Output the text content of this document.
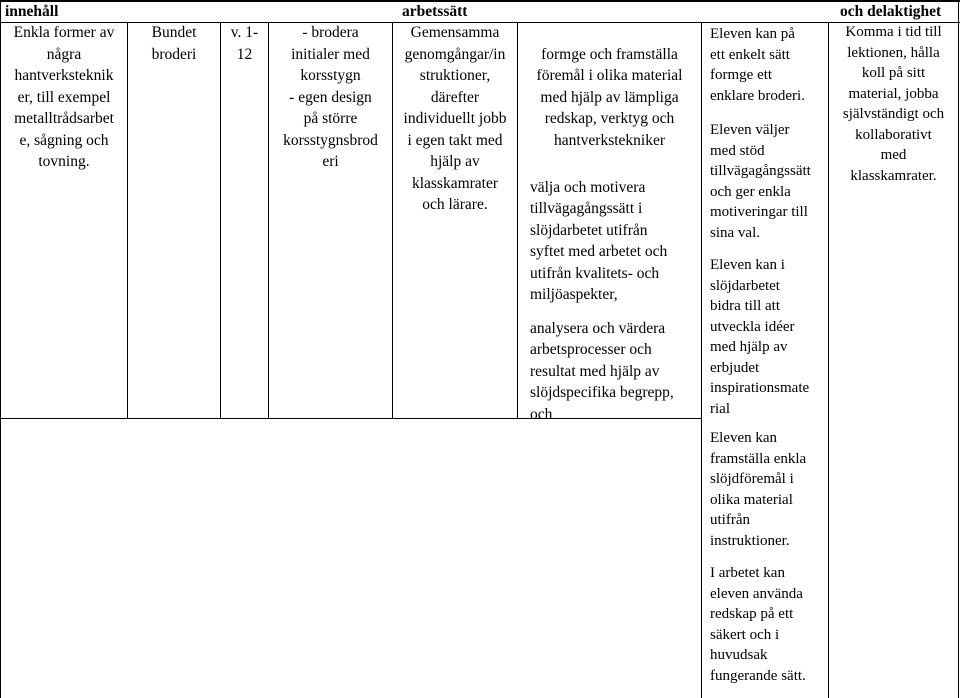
innehåll	arbetssätt	och delaktighet
Enkla former av
några
hantverksteknik
er, till exempel
metalltrådsarbet
e, sågning och
tovning.
Bundet
broderi
v. 1-
12
- brodera
initialer med
korsstygn
- egen design
på större
korsstygnsbrod
eri
Gemensamma
genomgångar/in
struktioner,
därefter
individuellt jobb
i egen takt med
hjälp av
klasskamrater
och lärare.

formge och framställa
föremål i olika material
med hjälp av lämpliga
redskap, verktyg och
hantverkstekniker

välja och motivera
tillvägagångssätt i
slöjdarbetet utifrån
syftet med arbetet och
utifrån kvalitets- och
miljöaspekter,

analysera och värdera
arbetsprocesser och
resultat med hjälp av
slöjdspecifika begrepp,
och

Eleven kan på
ett enkelt sätt
formge ett
enklare broderi.
Eleven väljer
med stöd
tillvägagångssätt
och ger enkla
motiveringar till
sina val.
Eleven kan i
slöjdarbetet
bidra till att
utveckla idéer
med hjälp av
erbjudet
inspirationsmate
rial
Eleven kan
framställa enkla
slöjdföremål i
olika material
utifrån
instruktioner.
I arbetet kan
eleven använda
redskap på ett
säkert och i
huvudsak
fungerande sätt.
Komma i tid till
lektionen, hålla
koll på sitt
material, jobba
självständigt och
kollaborativt
med
klasskamrater.
